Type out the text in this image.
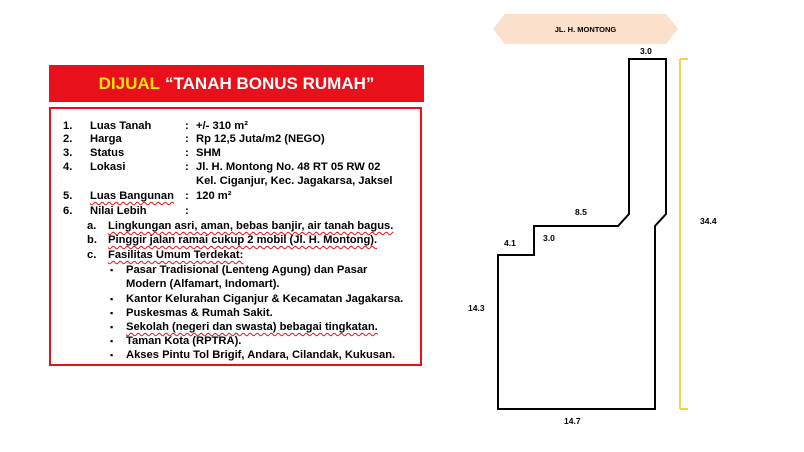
DIJUAL “TANAH BONUS RUMAH”
1. Luas Tanah	: +/- 310 m²
2. Harga	: Rp 12,5 Juta/m2 (NEGO)
3. Status	: SHM
4. Lokasi	: Jl. H. Montong No. 48 RT 05 RW 02
Kel. Ciganjur, Kec. Jagakarsa, Jaksel
5. Luas Bangunan : 120 m²
6. Nilai Lebih	:
a. Lingkungan asri, aman, bebas banjir, air tanah bagus.
b. Pinggir jalan ramai cukup 2 mobil (Jl. H. Montong).
c. Fasilitas Umum Terdekat:
▪ Pasar Tradisional (Lenteng Agung) dan Pasar
Modern (Alfamart, Indomart).
▪ Kantor Kelurahan Ciganjur & Kecamatan Jagakarsa.
▪ Puskesmas & Rumah Sakit.
▪ Sekolah (negeri dan swasta) bebagai tingkatan.
▪ Taman Kota (RPTRA).
▪ Akses Pintu Tol Brigif, Andara, Cilandak, Kukusan.
JL. H. MONTONG
3.0
34.4
8.5
4.1	3.0
14.3
14.7
